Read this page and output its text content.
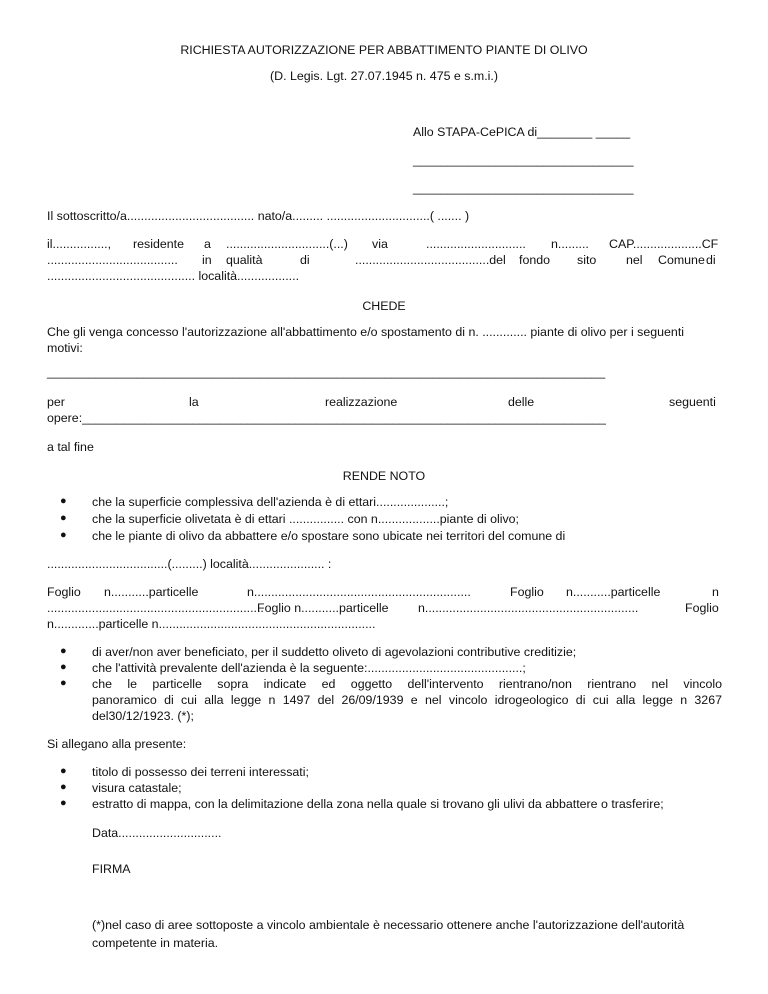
RICHIESTA AUTORIZZAZIONE PER ABBATTIMENTO PIANTE DI OLIVO
(D. Legis. Lgt. 27.07.1945 n. 475 e s.m.i.)
Allo STAPA-CePICA di________ _____
________________________________
________________________________
Il sottoscritto/a..................................... nato/a......... ..............................( ....... )
il................, residente a ..............................(...) via	............................. n......... CAP....................CF
...................................... in qualità	di	.......................................del fondo sito nel Comune di
........................................... località..................
CHEDE
Che gli venga concesso l'autorizzazione all'abbattimento e/o spostamento di n. ............. piante di olivo per i seguenti
motivi:
_________________________________________________________________________________
per	la	realizzazione	delle	seguenti
opere:____________________________________________________________________________
a tal fine
RENDE NOTO
● che la superficie complessiva dell'azienda è di ettari....................;
● che la superficie olivetata è di ettari ................ con n..................piante di olivo;
● che le piante di olivo da abbattere e/o spostare sono ubicate nei territori del comune di
...................................(.........) località...................... :
Foglio n...........particelle	n...............................................................	Foglio n...........particelle	n
...............................................................
Foglio n...........particelle n..............................................................	Foglio
n.............particelle n...............................................................
● di aver/non aver beneficiato, per il suddetto oliveto di agevolazioni contributive creditizie;
● che l'attività prevalente dell'azienda è la seguente:.............................................;
● che le particelle sopra indicate ed oggetto dell'intervento rientrano/non rientrano nel vincolo
panoramico di cui alla legge n 1497 del 26/09/1939 e nel vincolo idrogeologico di cui alla legge n 3267
del30/12/1923. (*);
Si allegano alla presente:
● titolo di possesso dei terreni interessati;
● visura catastale;
● estratto di mappa, con la delimitazione della zona nella quale si trovano gli ulivi da abbattere o trasferire;
Data..............................
FIRMA
(*)nel caso di aree sottoposte a vincolo ambientale è necessario ottenere anche l'autorizzazione dell'autorità
competente in materia.
